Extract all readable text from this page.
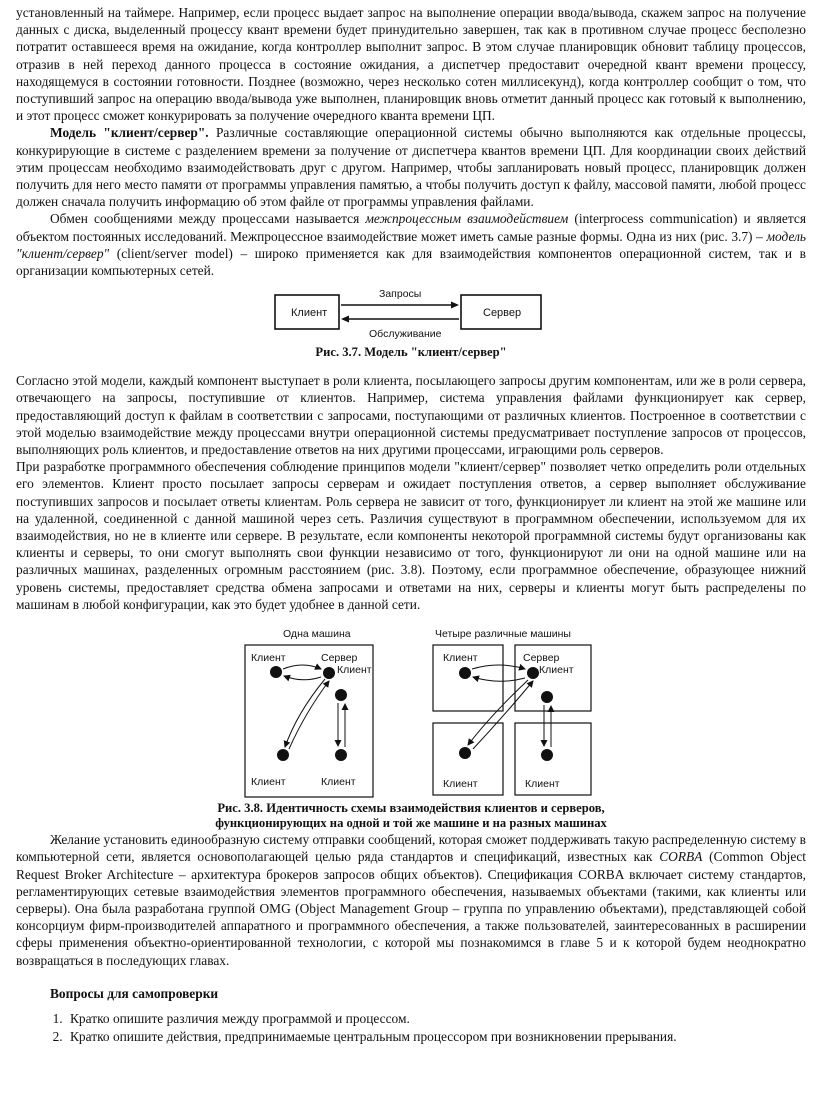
установленный на таймере. Например, если процесс выдает запрос на выполнение операции ввода/вывода, скажем запрос на получение данных с диска, выделенный процессу квант времени будет принудительно завершен, так как в противном случае процесс бесполезно потратит оставшееся время на ожидание, когда контроллер выполнит запрос. В этом случае планировщик обновит таблицу процессов, отразив в ней переход данного процесса в состояние ожидания, а диспетчер предоставит очередной квант времени процессу, находящемуся в состоянии готовности. Позднее (возможно, через несколько сотен миллисекунд), когда контроллер сообщит о том, что поступивший запрос на операцию ввода/вывода уже выполнен, планировщик вновь отметит данный процесс как готовый к выполнению, и этот процесс сможет конкурировать за получение очередного кванта времени ЦП.

Модель "клиент/сервер". Различные составляющие операционной системы обычно выполняются как отдельные процессы, конкурирующие в системе с разделением времени за получение от диспетчера квантов времени ЦП. Для координации своих действий этим процессам необходимо взаимодействовать друг с другом. Например, чтобы запланировать новый процесс, планировщик должен получить для него место памяти от программы управления памятью, а чтобы получить доступ к файлу, массовой памяти, любой процесс должен сначала получить информацию об этом файле от программы управления файлами.

Обмен сообщениями между процессами называется межпроцессным взаимодействием (interprocess communication) и является объектом постоянных исследований. Межпроцессное взаимодействие может иметь самые разные формы. Одна из них (рис. 3.7) – модель "клиент/сервер" (client/server model) – широко применяется как для взаимодействия компонентов операционной систем, так и в организации компьютерных сетей.

Клиент	Сервер
Запросы
Обслуживание
Рис. 3.7. Модель "клиент/сервер"

Согласно этой модели, каждый компонент выступает в роли клиента, посылающего запросы другим компонентам, или же в роли сервера, отвечающего на запросы, поступившие от клиентов. Например, система управления файлами функционирует как сервер, предоставляющий доступ к файлам в соответствии с запросами, поступающими от различных клиентов. Построенное в соответствии с этой моделью взаимодействие между процессами внутри операционной системы предусматривает поступление запросов от процессов, выполняющих роль клиентов, и предоставление ответов на них другими процессами, играющими роль серверов.

При разработке программного обеспечения соблюдение принципов модели "клиент/сервер" позволяет четко определить роли отдельных его элементов. Клиент просто посылает запросы серверам и ожидает поступления ответов, а сервер выполняет обслуживание поступивших запросов и посылает ответы клиентам. Роль сервера не зависит от того, функционирует ли клиент на этой же машине или на удаленной, соединенной с данной машиной через сеть. Различия существуют в программном обеспечении, используемом для их взаимодействия, но не в клиенте или сервере. В результате, если компоненты некоторой программной системы будут организованы как клиенты и серверы, то они смогут выполнять свои функции независимо от того, функционируют ли они на одной машине или на различных машинах, разделенных огромным расстоянием (рис. 3.8). Поэтому, если программное обеспечение, образующее нижний уровень системы, предоставляет средства обмена запросами и ответами на них, серверы и клиенты могут быть распределены по машинам в любой конфигурации, как это будет удобнее в данной сети.

Одна машина
Клиент	Сервер
Клиент
Клиент	Клиент
Четыре различные машины
Клиент	Сервер
Клиент
Клиент	Клиент
Рис. 3.8. Идентичность схемы взаимодействия клиентов и серверов,
функционирующих на одной и той же машине и на разных машинах

Желание установить единообразную систему отправки сообщений, которая сможет поддерживать такую распределенную систему в компьютерной сети, является основополагающей целью ряда стандартов и спецификаций, известных как CORBA (Common Object Request Broker Architecture – архитектура брокеров запросов общих объектов). Спецификация CORBA включает систему стандартов, регламентирующих сетевые взаимодействия элементов программного обеспечения, называемых объектами (такими, как клиенты или серверы). Она была разработана группой OMG (Object Management Group – группа по управлению объектами), представляющей собой консорциум фирм-производителей аппаратного и программного обеспечения, а также пользователей, заинтересованных в расширении сферы применения объектно-ориентированной технологии, с которой мы познакомимся в главе 5 и к которой будем неоднократно возвращаться в последующих главах.

Вопросы для самопроверки
1. Кратко опишите различия между программой и процессом.
2. Кратко опишите действия, предпринимаемые центральным процессором при возникновении прерывания.
